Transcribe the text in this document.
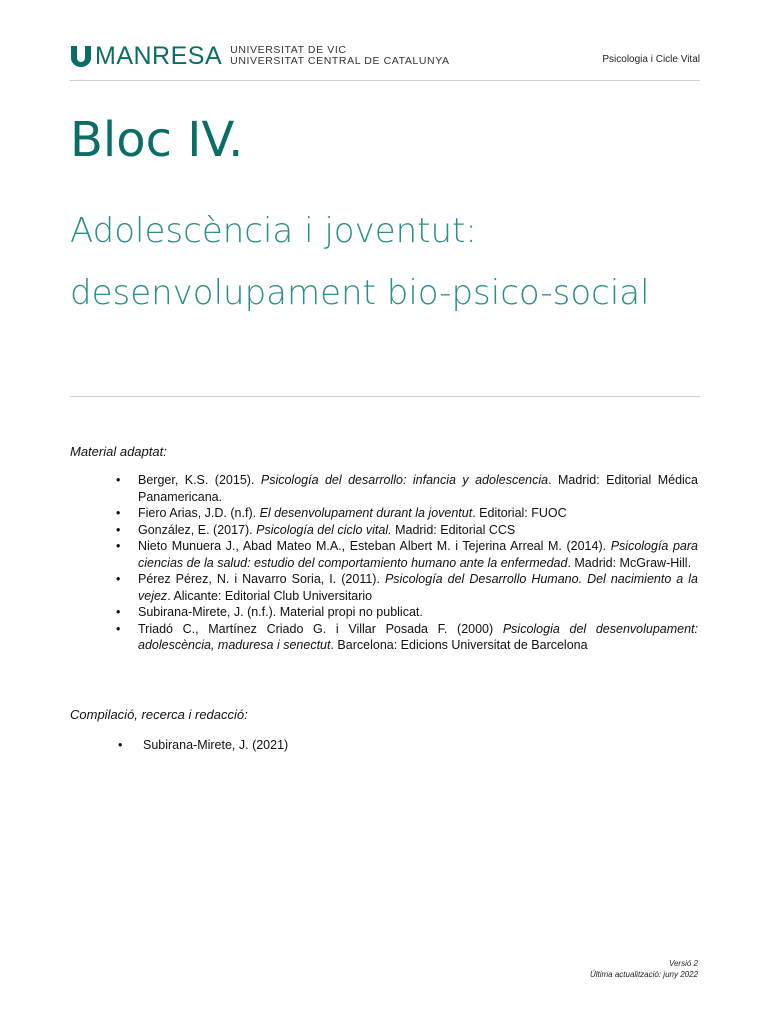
MANRESA UNIVERSITAT DE VIC
UNIVERSITAT CENTRAL DE CATALUNYA	Psicologia i Cicle Vital
Bloc IV.
Adolescència i joventut: desenvolupament bio-psico-social
Material adaptat:
• Berger, K.S. (2015). Psicología del desarrollo: infancia y adolescencia. Madrid: Editorial Médica Panamericana.
• Fiero Arias, J.D. (n.f). El desenvolupament durant la joventut. Editorial: FUOC
• González, E. (2017). Psicología del ciclo vital. Madrid: Editorial CCS
• Nieto Munuera J., Abad Mateo M.A., Esteban Albert M. i Tejerina Arreal M. (2014). Psicología para ciencias de la salud: estudio del comportamiento humano ante la enfermedad. Madrid: McGraw-Hill.
• Pérez Pérez, N. i Navarro Soria, I. (2011). Psicología del Desarrollo Humano. Del nacimiento a la vejez. Alicante: Editorial Club Universitario
• Subirana-Mirete, J. (n.f.). Material propi no publicat.
• Triadó C., Martínez Criado G. i Villar Posada F. (2000) Psicologia del desenvolupament: adolescència, maduresa i senectut. Barcelona: Edicions Universitat de Barcelona
Compilació, recerca i redacció:
• Subirana-Mirete, J. (2021)
Versió 2
Última actualització: juny 2022
